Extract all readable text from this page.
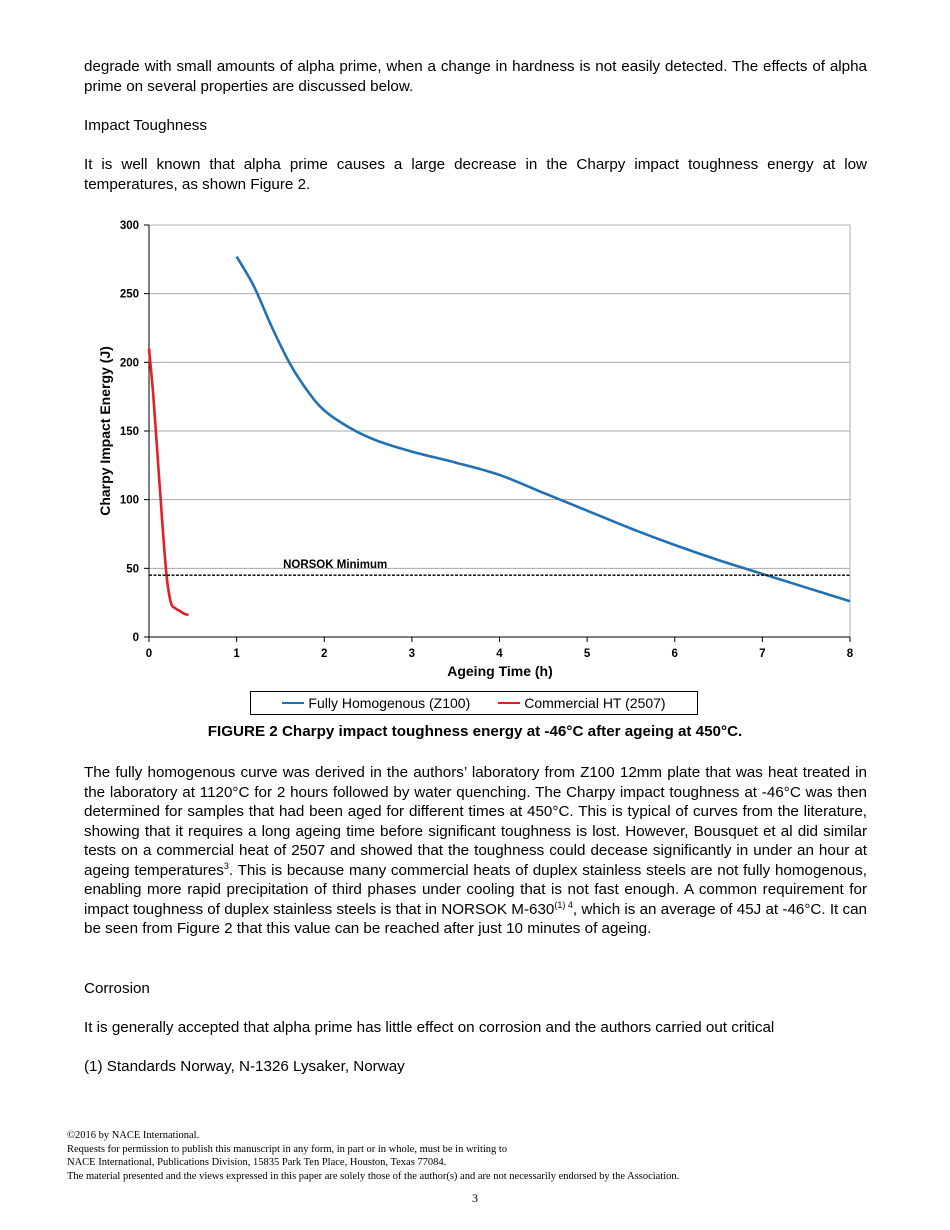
degrade with small amounts of alpha prime, when a change in hardness is not easily detected. The effects of alpha prime on several properties are discussed below.

Impact Toughness

It is well known that alpha prime causes a large decrease in the Charpy impact toughness energy at low temperatures, as shown Figure 2.

0
50
100
150
200
250
300
0	1	2	3	4	5	6	7	8
NORSOK Minimum
Ageing Time (h)
Charpy Impact Energy (J)
Fully Homogenous (Z100)	Commercial HT (2507)
FIGURE 2 Charpy impact toughness energy at -46°C after ageing at 450°C.

The fully homogenous curve was derived in the authors’ laboratory from Z100 12mm plate that was heat treated in the laboratory at 1120°C for 2 hours followed by water quenching. The Charpy impact toughness at -46°C was then determined for samples that had been aged for different times at 450°C. This is typical of curves from the literature, showing that it requires a long ageing time before significant toughness is lost. However, Bousquet et al did similar tests on a commercial heat of 2507 and showed that the toughness could decease significantly in under an hour at ageing temperatures$^3$. This is because many commercial heats of duplex stainless steels are not fully homogenous, enabling more rapid precipitation of third phases under cooling that is not fast enough. A common requirement for impact toughness of duplex stainless steels is that in NORSOK $M-630^{(1) 4}$, which is an average of 45J at -46°C. It can be seen from Figure 2 that this value can be reached after just 10 minutes of ageing.

Corrosion

It is generally accepted that alpha prime has little effect on corrosion and the authors carried out critical

(1) Standards Norway, N-1326 Lysaker, Norway

©2016 by NACE International.
Requests for permission to publish this manuscript in any form, in part or in whole, must be in writing to
NACE International, Publications Division, 15835 Park Ten Place, Houston, Texas 77084.
The material presented and the views expressed in this paper are solely those of the author(s) and are not necessarily endorsed by the Association.
3
